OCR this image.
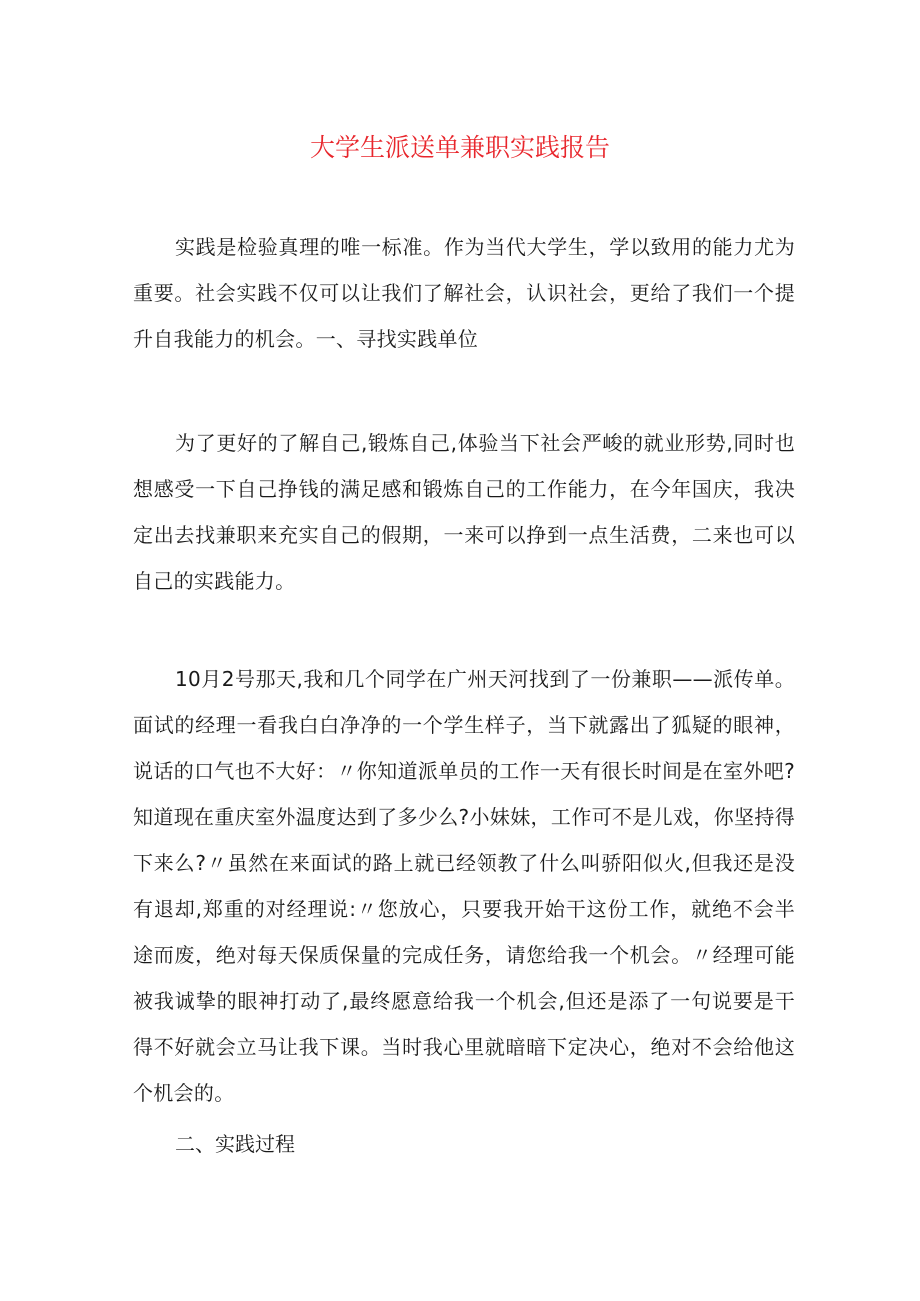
大学生派送单兼职实践报告

实践是检验真理的唯一标准。作为当代大学生，学以致用的能力尤为重要。社会实践不仅可以让我们了解社会，认识社会，更给了我们一个提升自我能力的机会。一、寻找实践单位

为了更好的了解自己,锻炼自己,体验当下社会严峻的就业形势,同时也想感受一下自己挣钱的满足感和锻炼自己的工作能力，在今年国庆，我决定出去找兼职来充实自己的假期，一来可以挣到一点生活费，二来也可以自己的实践能力。

10月2号那天,我和几个同学在广州天河找到了一份兼职——派传单。面试的经理一看我白白净净的一个学生样子，当下就露出了狐疑的眼神，说话的口气也不大好：〃你知道派单员的工作一天有很长时间是在室外吧?知道现在重庆室外温度达到了多少么?小妹妹，工作可不是儿戏，你坚持得下来么?〃虽然在来面试的路上就已经领教了什么叫骄阳似火,但我还是没有退却,郑重的对经理说:〃您放心，只要我开始干这份工作，就绝不会半途而废，绝对每天保质保量的完成任务，请您给我一个机会。〃经理可能被我诚挚的眼神打动了,最终愿意给我一个机会,但还是添了一句说要是干得不好就会立马让我下课。当时我心里就暗暗下定决心，绝对不会给他这个机会的。

二、实践过程
